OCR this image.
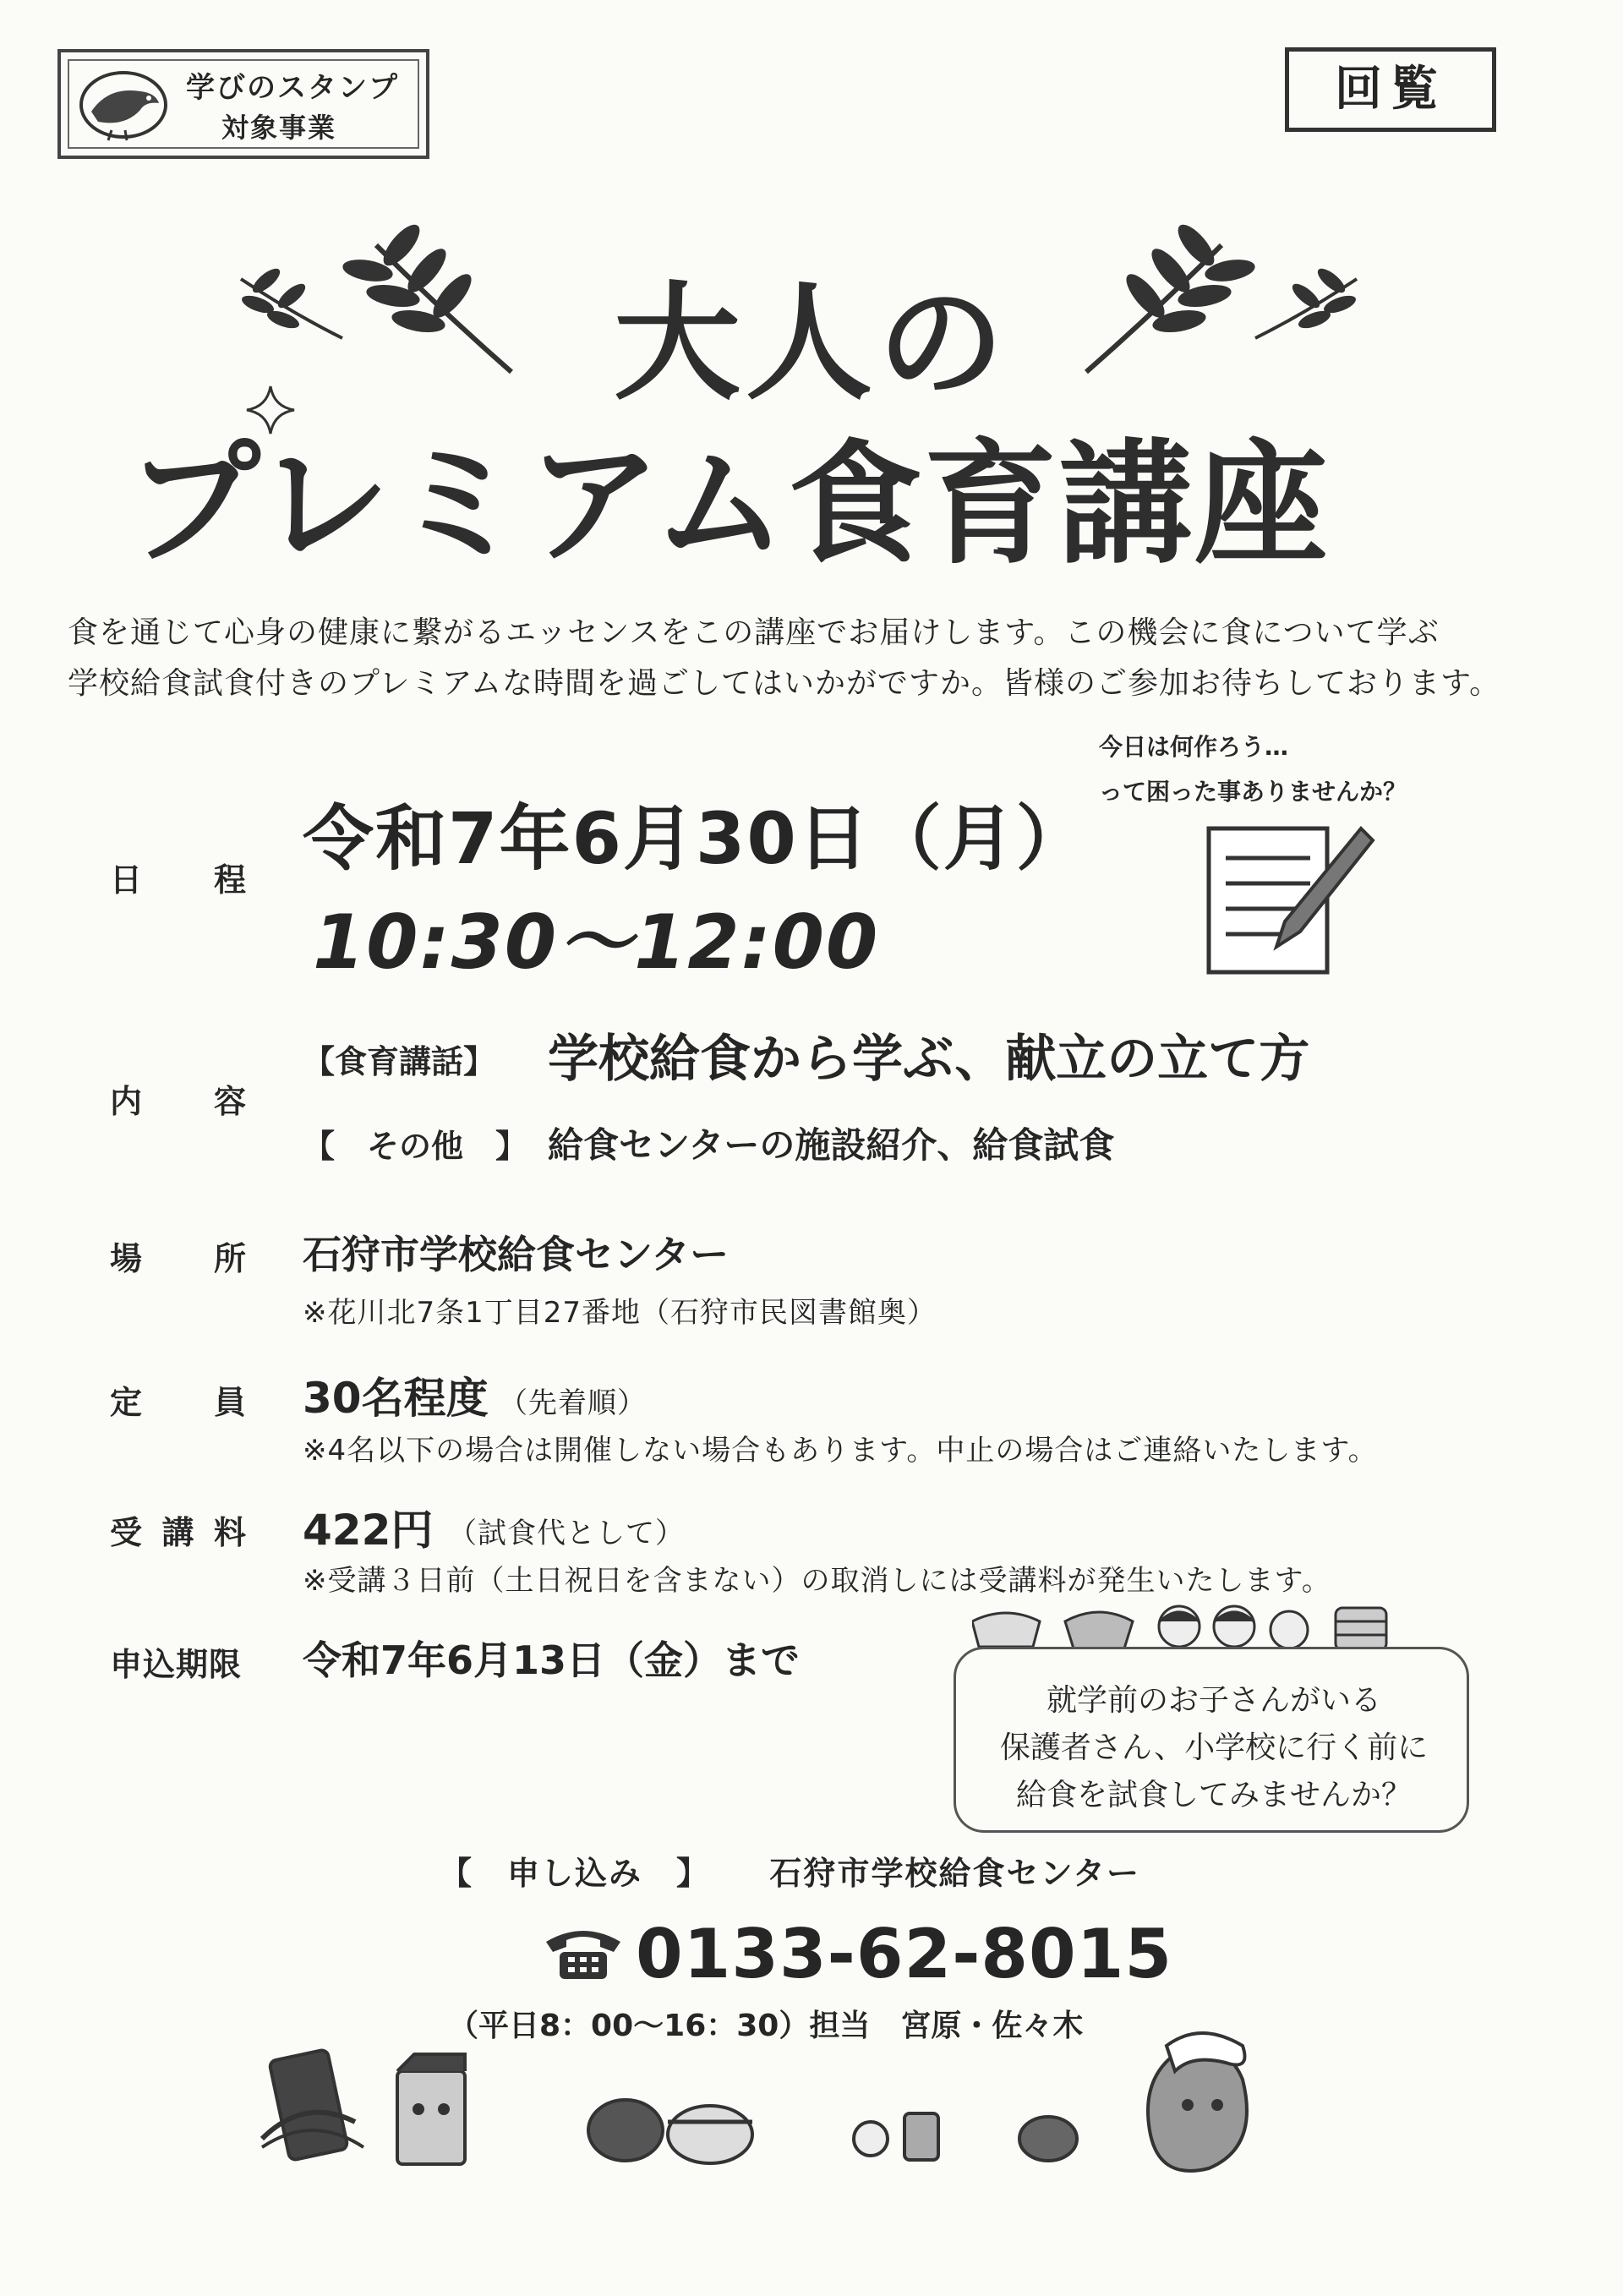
学びのスタンプ
対象事業
回覧
大人の
プレミアム食育講座
食を通じて心身の健康に繋がるエッセンスをこの講座でお届けします。この機会に食について学ぶ
学校給食試食付きのプレミアムな時間を過ごしてはいかがですか。皆様のご参加お待ちしております。
今日は何作ろう…
って困った事ありませんか？
日 程 令和7年6月30日（月）
10:30～12:00
内 容
【食育講話】 学校給食から学ぶ、献立の立て方
【　その他　】 給食センターの施設紹介、給食試食
場 所 石狩市学校給食センター
※花川北7条1丁目27番地（石狩市民図書館奥）
定 員 30名程度 （先着順）
※4名以下の場合は開催しない場合もあります。中止の場合はご連絡いたします。
受 講 料 422円 （試食代として）
※受講３日前（土日祝日を含まない）の取消しには受講料が発生いたします。
申込期限 令和7年6月13日（金）まで
就学前のお子さんがいる
保護者さん、小学校に行く前に
給食を試食してみませんか？
【　申し込み　】 石狩市学校給食センター
0133-62-8015
（平日8：00～16：30）担当　宮原・佐々木
